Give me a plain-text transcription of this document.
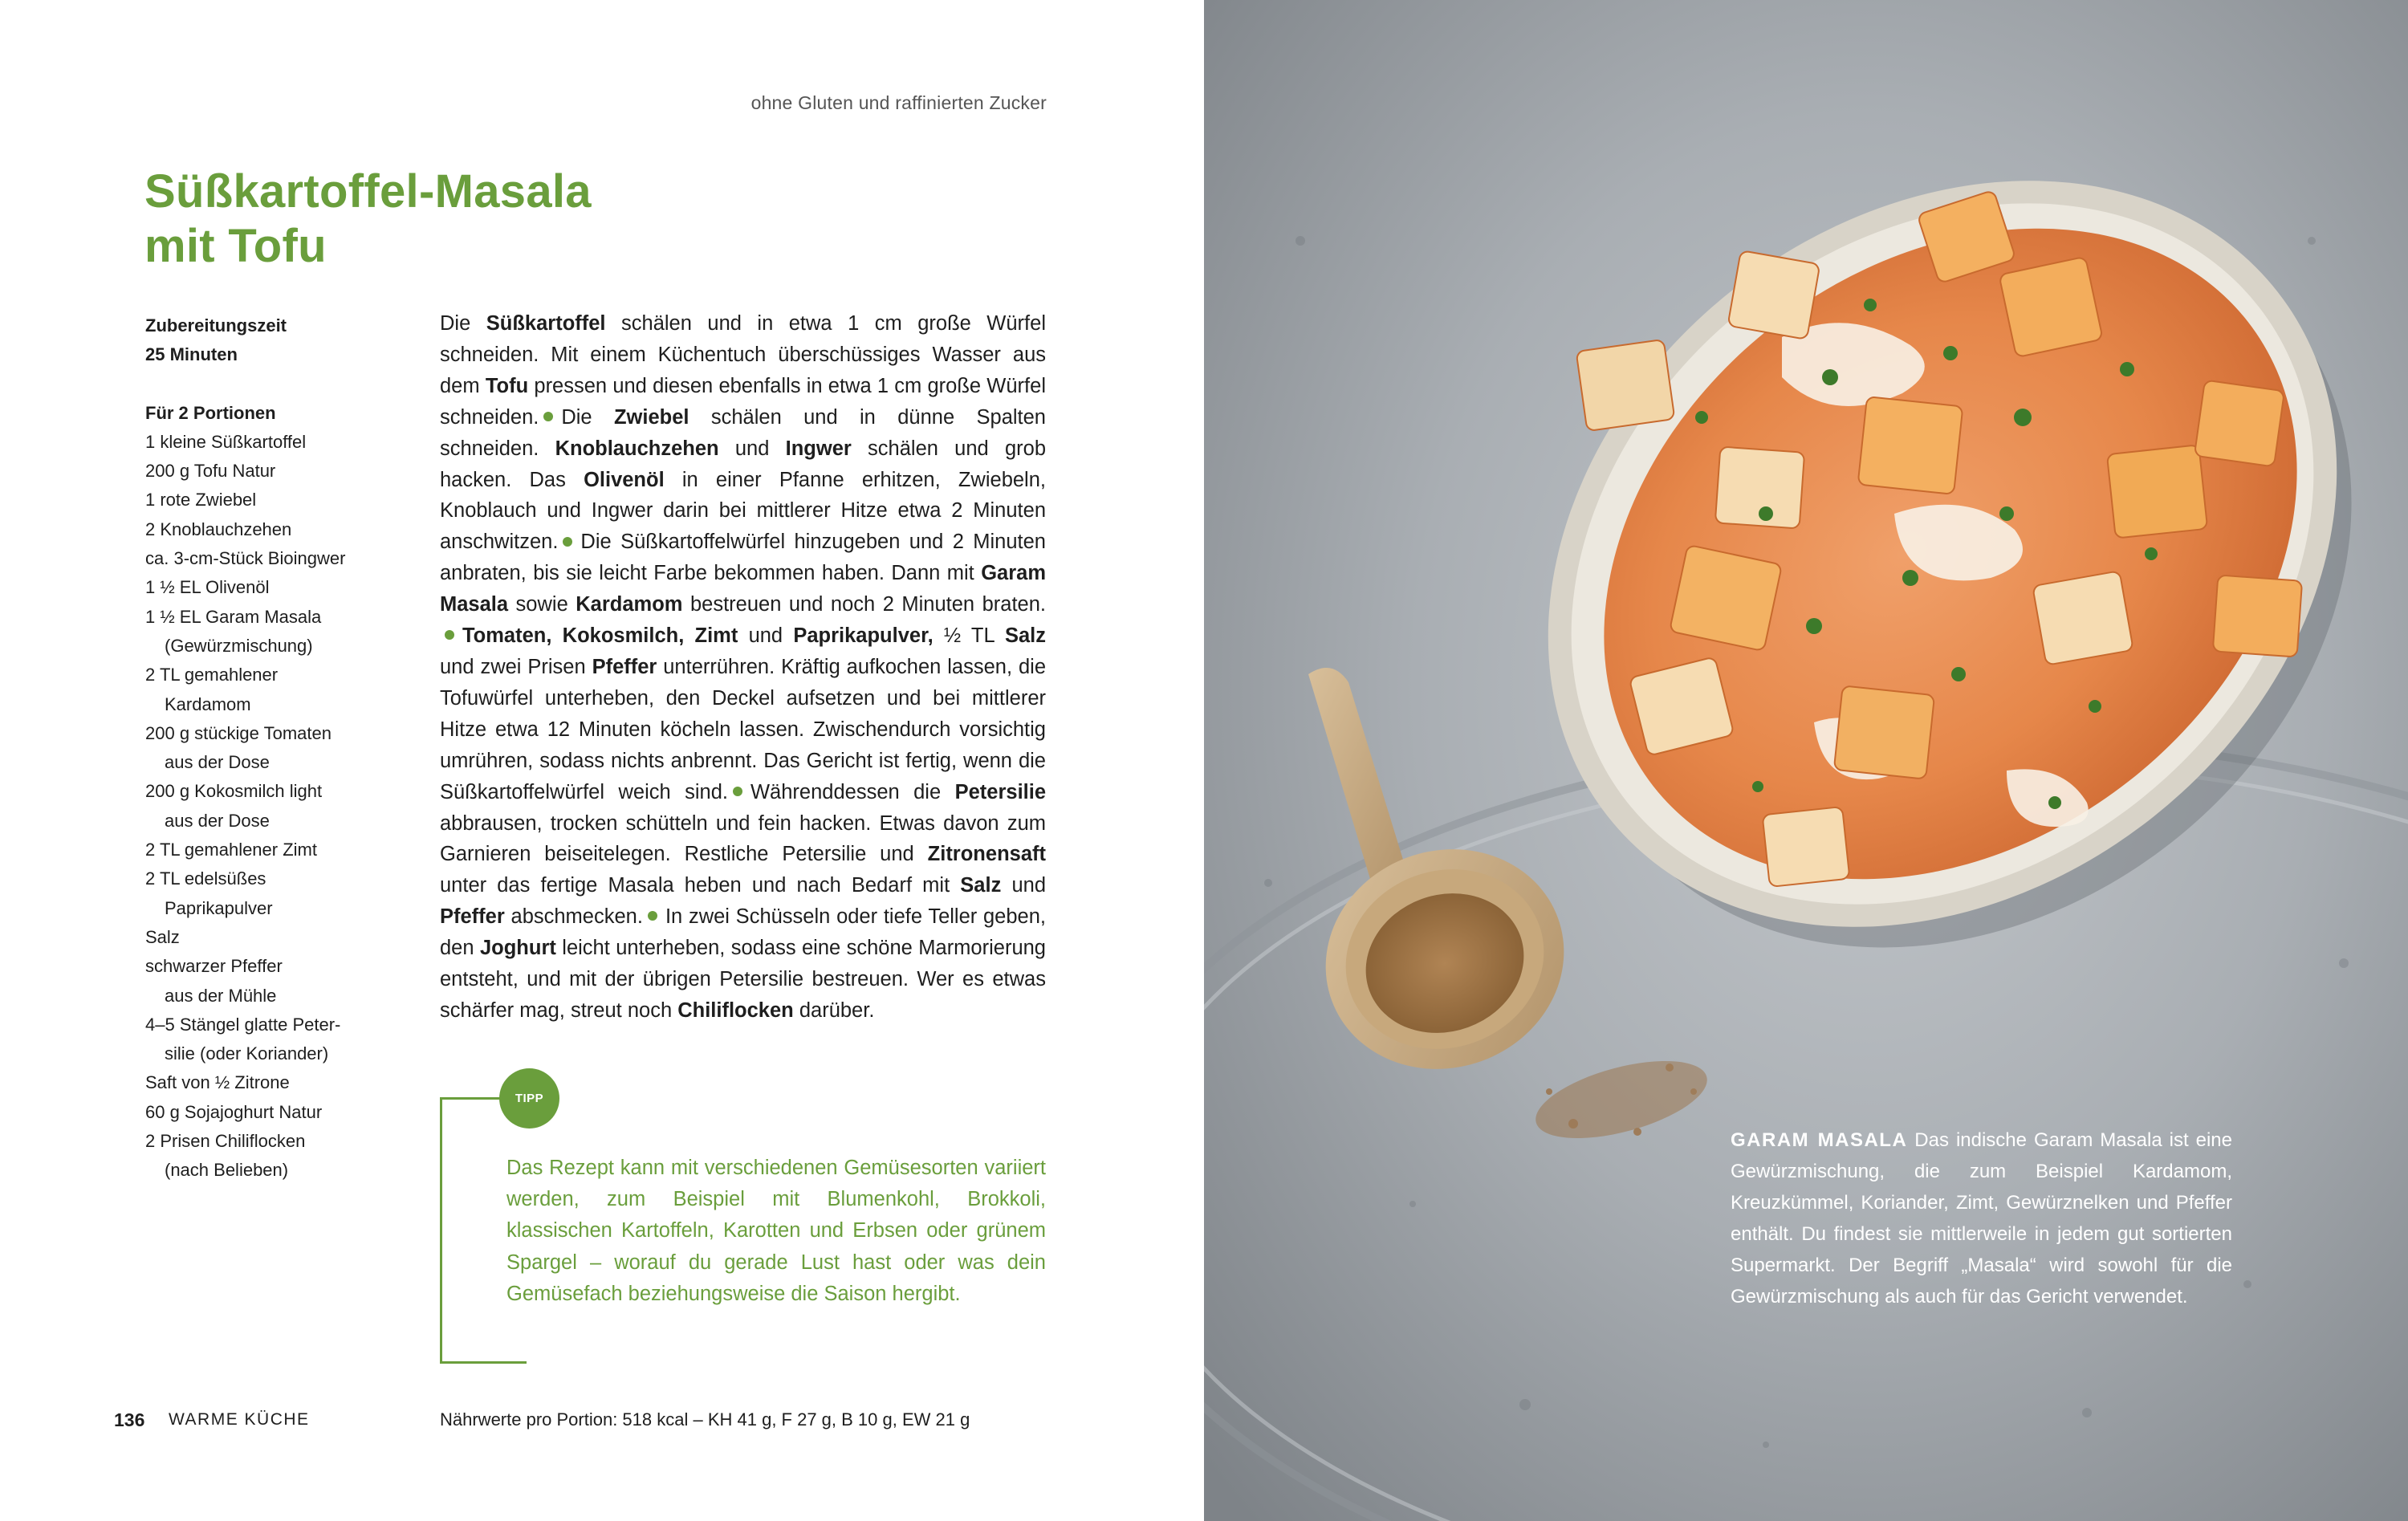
ohne Gluten und raffinierten Zucker
Süßkartoffel-Masala
mit Tofu
Zubereitungszeit
25 Minuten
Für 2 Portionen
1 kleine Süßkartoffel
200 g Tofu Natur
1 rote Zwiebel
2 Knoblauchzehen
ca. 3-cm-Stück Bioingwer
1 ½ EL Olivenöl
1 ½ EL Garam Masala
(Gewürzmischung)
2 TL gemahlener
Kardamom
200 g stückige Tomaten
aus der Dose
200 g Kokosmilch light
aus der Dose
2 TL gemahlener Zimt
2 TL edelsüßes
Paprikapulver
Salz
schwarzer Pfeffer
aus der Mühle
4–5 Stängel glatte Peter-
silie (oder Koriander)
Saft von ½ Zitrone
60 g Sojajoghurt Natur
2 Prisen Chiliflocken
(nach Belieben)
Die Süßkartoffel schälen und in etwa 1 cm große Würfel schneiden. Mit einem Küchentuch überschüssiges Wasser aus dem Tofu pressen und diesen ebenfalls in etwa 1 cm große Würfel schneiden. Die Zwiebel schälen und in dünne Spalten schneiden. Knoblauchzehen und Ingwer schälen und grob hacken. Das Olivenöl in einer Pfanne erhitzen, Zwiebeln, Knoblauch und Ingwer darin bei mittlerer Hitze etwa 2 Minuten anschwitzen. Die Süßkartoffelwürfel hinzugeben und 2 Minuten anbraten, bis sie leicht Farbe bekommen haben. Dann mit Garam Masala sowie Kardamom bestreuen und noch 2 Minuten braten.Tomaten, Kokosmilch, Zimt und Paprikapulver, ½ TL Salz und zwei Prisen Pfeffer unterrühren. Kräftig aufkochen lassen, die Tofuwürfel unterheben, den Deckel aufsetzen und bei mittlerer Hitze etwa 12 Minuten köcheln lassen. Zwischendurch vorsichtig umrühren, sodass nichts anbrennt. Das Gericht ist fertig, wenn die Süßkartoffelwürfel weich sind. Währenddessen die Petersilie abbrausen, trocken schütteln und fein hacken. Etwas davon zum Garnieren beiseitelegen. Restliche Petersilie und Zitronensaft unter das fertige Masala heben und nach Bedarf mit Salz und Pfeffer abschmecken. In zwei Schüsseln oder tiefe Teller geben, den Joghurt leicht unterheben, sodass eine schöne Marmorierung entsteht, und mit der übrigen Petersilie bestreuen. Wer es etwas schärfer mag, streut noch Chiliflocken darüber.
TIPP
Das Rezept kann mit verschiedenen Gemüsesorten variiert werden, zum Beispiel mit Blumenkohl, Brokkoli, klassischen Kartoffeln, Karotten und Erbsen oder grünem Spargel – worauf du gerade Lust hast oder was dein Gemüsefach beziehungsweise die Saison hergibt.
136 WARME KÜCHE	Nährwerte pro Portion: 518 kcal – KH 41 g, F 27 g, B 10 g, EW 21 g
GARAM MASALA Das indische Garam Masala ist eine Gewürzmischung, die zum Beispiel Kardamom, Kreuzkümmel, Koriander, Zimt, Gewürznelken und Pfeffer enthält. Du findest sie mittlerweile in jedem gut sortierten Supermarkt. Der Begriff „Masala“ wird sowohl für die Gewürzmischung als auch für das Gericht verwendet.
